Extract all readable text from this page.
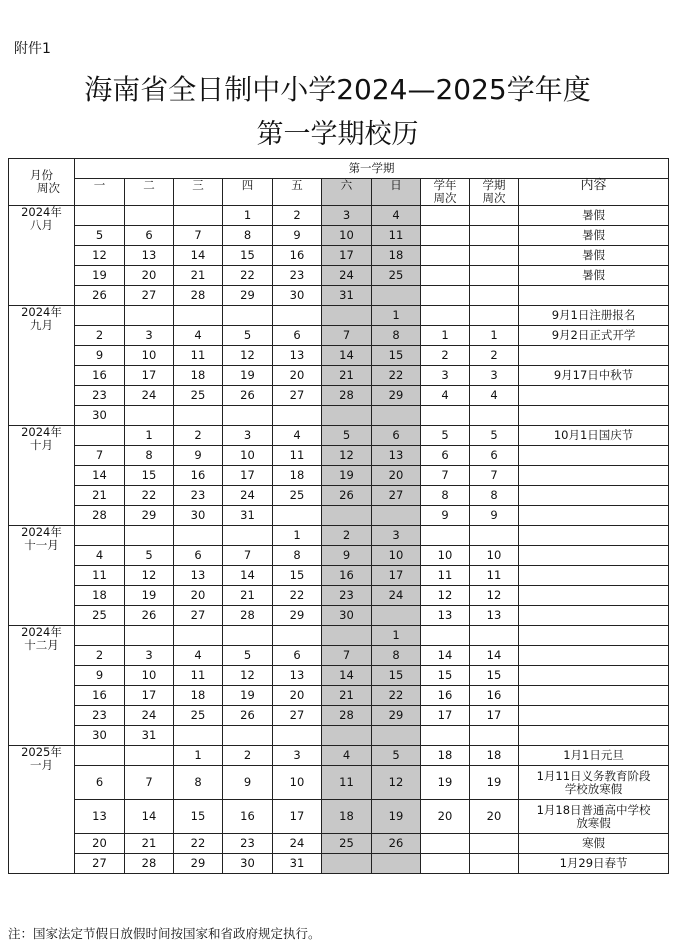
附件1
海南省全日制中小学2024—2025学年度
第一学期校历
月份
周次	第一学期									
	一	二	三	四	五	六	日	学年
周次	学期
周次	内容

2024年
八月				1	2	3	4			暑假
	5	6	7	8	9	10	11			暑假
	12	13	14	15	16	17	18			暑假
	19	20	21	22	23	24	25			暑假
	26	27	28	29	30	31				

2024年
九月							1			9月1日注册报名
	2	3	4	5	6	7	8	1	1	9月2日正式开学
	9	10	11	12	13	14	15	2	2	
	16	17	18	19	20	21	22	3	3	9月17日中秋节
	23	24	25	26	27	28	29	4	4	
	30									

2024年
十月		1	2	3	4	5	6	5	5	10月1日国庆节
	7	8	9	10	11	12	13	6	6	
	14	15	16	17	18	19	20	7	7	
	21	22	23	24	25	26	27	8	8	
	28	29	30	31				9	9	

2024年
十一月					1	2	3			
	4	5	6	7	8	9	10	10	10	
	11	12	13	14	15	16	17	11	11	
	18	19	20	21	22	23	24	12	12	
	25	26	27	28	29	30		13	13	

2024年
十二月							1			
	2	3	4	5	6	7	8	14	14	
	9	10	11	12	13	14	15	15	15	
	16	17	18	19	20	21	22	16	16	
	23	24	25	26	27	28	29	17	17	
	30	31								

2025年
一月			1	2	3	4	5	18	18	1月1日元旦
	6	7	8	9	10	11	12	19	19	1月11日义务教育阶段
学校放寒假
	13	14	15	16	17	18	19	20	20	1月18日普通高中学校
放寒假
	20	21	22	23	24	25	26			寒假
	27	28	29	30	31					1月29日春节
注：国家法定节假日放假时间按国家和省政府规定执行。
